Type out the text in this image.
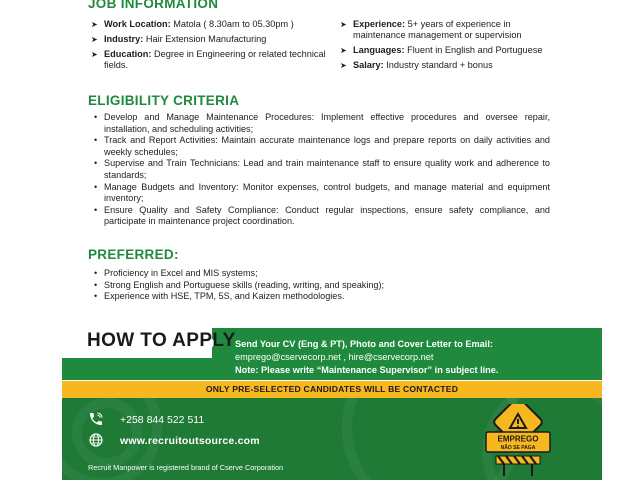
JOB INFORMATION
➤ Work Location: Matola ( 8.30am to 05.30pm )
➤ Industry: Hair Extension Manufacturing
➤ Education: Degree in Engineering or related technical fields.
➤ Experience: 5+ years of experience in maintenance management or supervision
➤ Languages: Fluent in English and Portuguese
➤ Salary: Industry standard + bonus
ELIGIBILITY CRITERIA
• Develop and Manage Maintenance Procedures: Implement effective procedures and oversee repair, installation, and scheduling activities;
• Track and Report Activities: Maintain accurate maintenance logs and prepare reports on daily activities and weekly schedules;
• Supervise and Train Technicians: Lead and train maintenance staff to ensure quality work and adherence to standards;
• Manage Budgets and Inventory: Monitor expenses, control budgets, and manage material and equipment inventory;
• Ensure Quality and Safety Compliance: Conduct regular inspections, ensure safety compliance, and participate in maintenance project coordination.
PREFERRED:
• Proficiency in Excel and MIS systems;
• Strong English and Portuguese skills (reading, writing, and speaking);
• Experience with HSE, TPM, 5S, and Kaizen methodologies.
HOW TO APPLY Send Your CV (Eng & PT), Photo and Cover Letter to Email:
emprego@cservecorp.net , hire@cservecorp.net
Note: Please write “Maintenance Supervisor” in subject line.
ONLY PRE-SELECTED CANDIDATES WILL BE CONTACTED
+258 844 522 511
www.recruitoutsource.com
Recruit Manpower is registered brand of Cserve Corporation
EMPREGO
NÃO SE PAGA
